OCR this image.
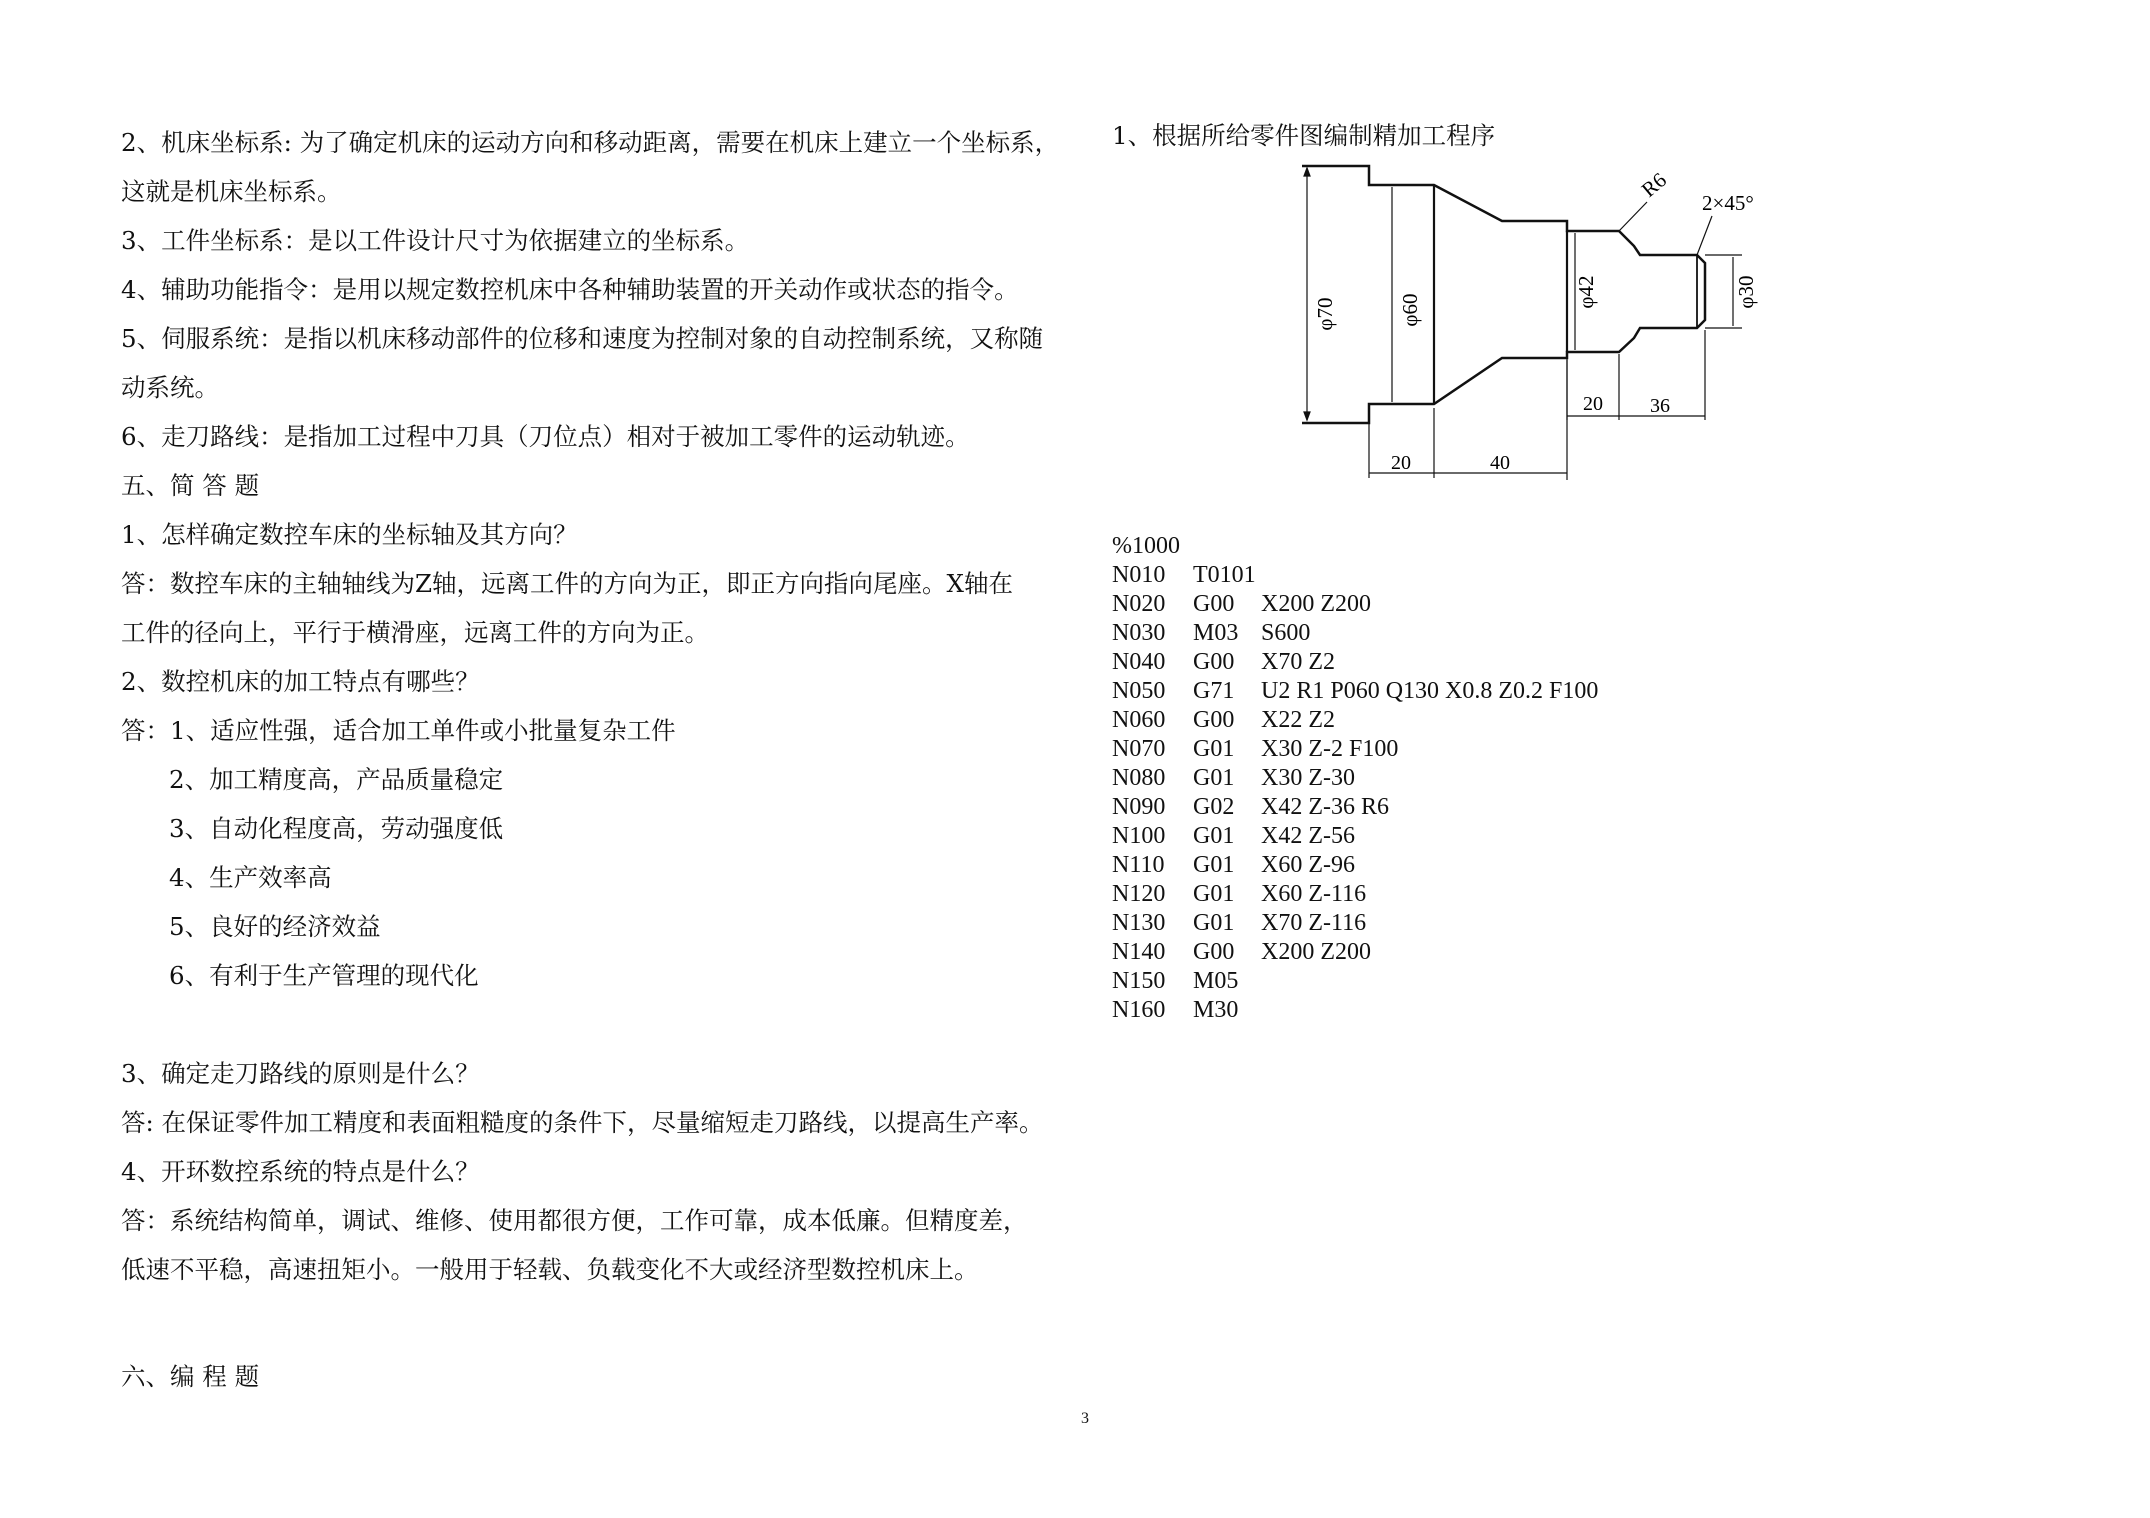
2、机床坐标系: 为了确定机床的运动方向和移动距离，需要在机床上建立一个坐标系，
这就是机床坐标系。
3、工件坐标系：是以工件设计尺寸为依据建立的坐标系。
4、辅助功能指令：是用以规定数控机床中各种辅助装置的开关动作或状态的指令。
5、伺服系统：是指以机床移动部件的位移和速度为控制对象的自动控制系统，又称随
动系统。
6、走刀路线：是指加工过程中刀具（刀位点）相对于被加工零件的运动轨迹。
五、简 答 题
1、怎样确定数控车床的坐标轴及其方向？
答：数控车床的主轴轴线为Z轴，远离工件的方向为正，即正方向指向尾座。X轴在
工件的径向上，平行于横滑座，远离工件的方向为正。
2、数控机床的加工特点有哪些？
答：1、适应性强，适合加工单件或小批量复杂工件
2、加工精度高，产品质量稳定
3、自动化程度高，劳动强度低
4、生产效率高
5、良好的经济效益
6、有利于生产管理的现代化
3、确定走刀路线的原则是什么？
答: 在保证零件加工精度和表面粗糙度的条件下，尽量缩短走刀路线，以提高生产率。
4、开环数控系统的特点是什么？
答：系统结构简单，调试、维修、使用都很方便，工作可靠，成本低廉。但精度差，
低速不平稳，高速扭矩小。一般用于轻载、负载变化不大或经济型数控机床上。
六、编 程 题
1、根据所给零件图编制精加工程序
φ70	φ60
φ42	φ30
R6
2×45°
20 36
20	40
%1000
N010 T0101
N020 G00 X200 Z200
N030 M03 S600
N040 G00 X70 Z2
N050 G71 U2 R1 P060 Q130 X0.8 Z0.2 F100
N060 G00 X22 Z2
N070 G01 X30 Z-2 F100
N080 G01 X30 Z-30
N090 G02 X42 Z-36 R6
N100 G01 X42 Z-56
N110 G01 X60 Z-96
N120 G01 X60 Z-116
N130 G01 X70 Z-116
N140 G00 X200 Z200
N150 M05
N160 M30
3
